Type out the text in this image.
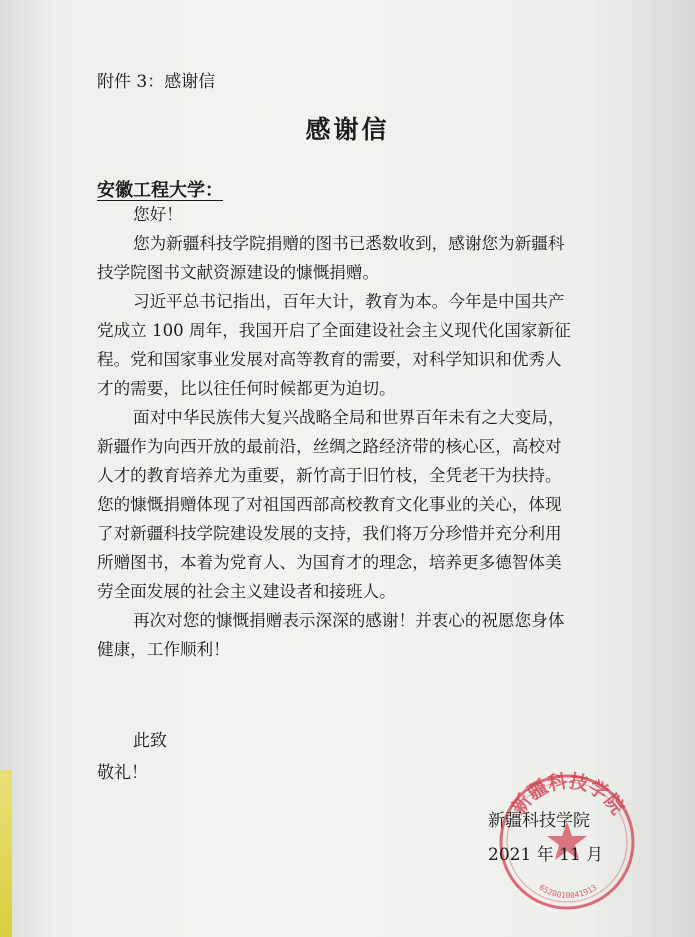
附件 3：感谢信
感谢信
安徽工程大学：
您好！
您为新疆科技学院捐赠的图书已悉数收到，感谢您为新疆科
技学院图书文献资源建设的慷慨捐赠。
习近平总书记指出，百年大计，教育为本。今年是中国共产
党成立 100 周年，我国开启了全面建设社会主义现代化国家新征
程。党和国家事业发展对高等教育的需要，对科学知识和优秀人
才的需要，比以往任何时候都更为迫切。
面对中华民族伟大复兴战略全局和世界百年未有之大变局，
新疆作为向西开放的最前沿，丝绸之路经济带的核心区，高校对
人才的教育培养尤为重要，新竹高于旧竹枝，全凭老干为扶持。
您的慷慨捐赠体现了对祖国西部高校教育文化事业的关心，体现
了对新疆科技学院建设发展的支持，我们将万分珍惜并充分利用
所赠图书，本着为党育人、为国育才的理念，培养更多德智体美
劳全面发展的社会主义建设者和接班人。
再次对您的慷慨捐赠表示深深的感谢！并衷心的祝愿您身体
健康，工作顺利！
此致
敬礼！
新疆科技学院
6528010041913
新疆科技学院
2021 年 11 月
